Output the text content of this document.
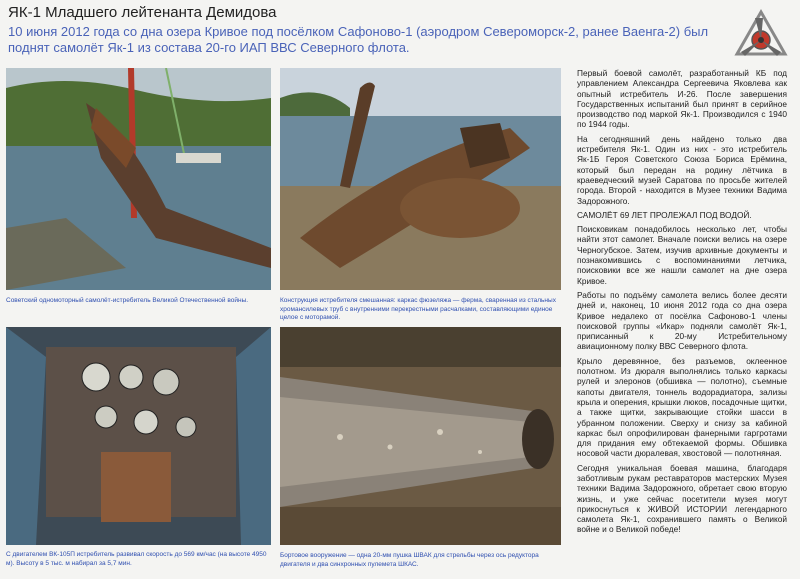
ЯК-1 Младшего лейтенанта Демидова
10 июня 2012 года со дна озера Кривое под посёлком Сафоново-1 (аэродром Североморск-2, ранее Ваенга-2) был поднят самолёт Як-1 из состава 20-го ИАП ВВС Северного флота.
Советский одномоторный самолёт-истребитель Великой Отечественной войны.	Конструкция истребителя смешанная: каркас фюзеляжа — ферма, сваренная из стальных хромансилевых труб с внутренними перекрестными расчалками, составляющими единое целое с моторамой.
С двигателем ВК-105П истребитель развивал скорость до 569 км/час (на высоте 4950 м). Высоту в 5 тыс. м набирал за 5,7 мин.
Бортовое вооружение — одна 20-мм пушка ШВАК для стрельбы через ось редуктора двигателя и два синхронных пулемета ШКАС.

Первый боевой самолёт, разработанный КБ под управлением Александра Сергеевича Яковлева как опытный истребитель И-26. После завершения Государственных испытаний был принят в серийное производство под маркой Як-1. Производился с 1940 по 1944 годы.

На сегодняшний день найдено только два истребителя Як-1. Один из них - это истребитель Як-1Б Героя Советского Союза Бориса Ерёмина, который был передан на родину лётчика в краеведческий музей Саратова по просьбе жителей города. Второй - находится в Музее техники Вадима Задорожного.

САМОЛЁТ 69 ЛЕТ ПРОЛЕЖАЛ ПОД ВОДОЙ.

Поисковикам понадобилось несколько лет, чтобы найти этот самолет. Вначале поиски велись на озере Черногубское. Затем, изучив архивные документы и познакомившись с воспоминаниями летчика, поисковики все же нашли самолет на дне озера Кривое.

Работы по подъёму самолета велись более десяти дней и, наконец, 10 июня 2012 года со дна озера Кривое недалеко от посёлка Сафоново-1 члены поисковой группы «Икар» подняли самолёт Як-1, приписанный к 20-му Истребительному авиационному полку ВВС Северного флота.

Крыло деревянное, без разъемов, оклеенное полотном. Из дюраля выполнялись только каркасы рулей и элеронов (обшивка — полотно), съемные капоты двигателя, тоннель водорадиатора, зализы крыла и оперения, крышки люков, посадочные щитки, а также щитки, закрывающие стойки шасси в убранном положении. Сверху и снизу за кабиной каркас был опрофилирован фанерными гаргротами для придания ему обтекаемой формы. Обшивка носовой части дюралевая, хвостовой — полотняная.

Сегодня уникальная боевая машина, благодаря заботливым рукам реставраторов мастерских Музея техники Вадима Задорожного, обретает свою вторую жизнь, и уже сейчас посетители музея могут прикоснуться к ЖИВОЙ ИСТОРИИ легендарного самолета Як-1, сохранившего память о Великой войне и о Великой победе!
